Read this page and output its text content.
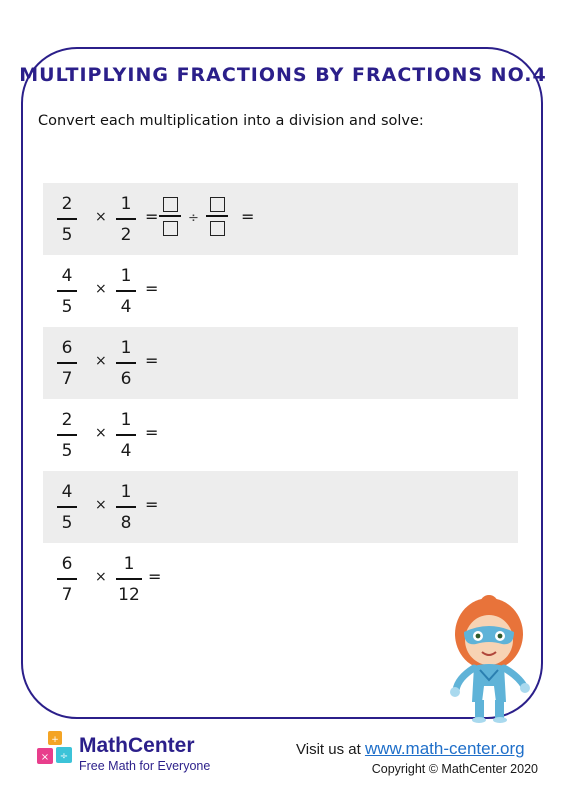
MULTIPLYING FRACTIONS BY FRACTIONS NO.4
Convert each multiplication into a division and solve:
2
5
×
1
2
= ÷	=
4
5
×
1
4
=
6
7
×
1
6
=
2
5
×
1
4
=
4
5
×
1
8
=
6
7
×
1
12
=
+
× ÷ MathCenter
Free Math for Everyone
Visit us at www.math-center.org
Copyright © MathCenter 2020
